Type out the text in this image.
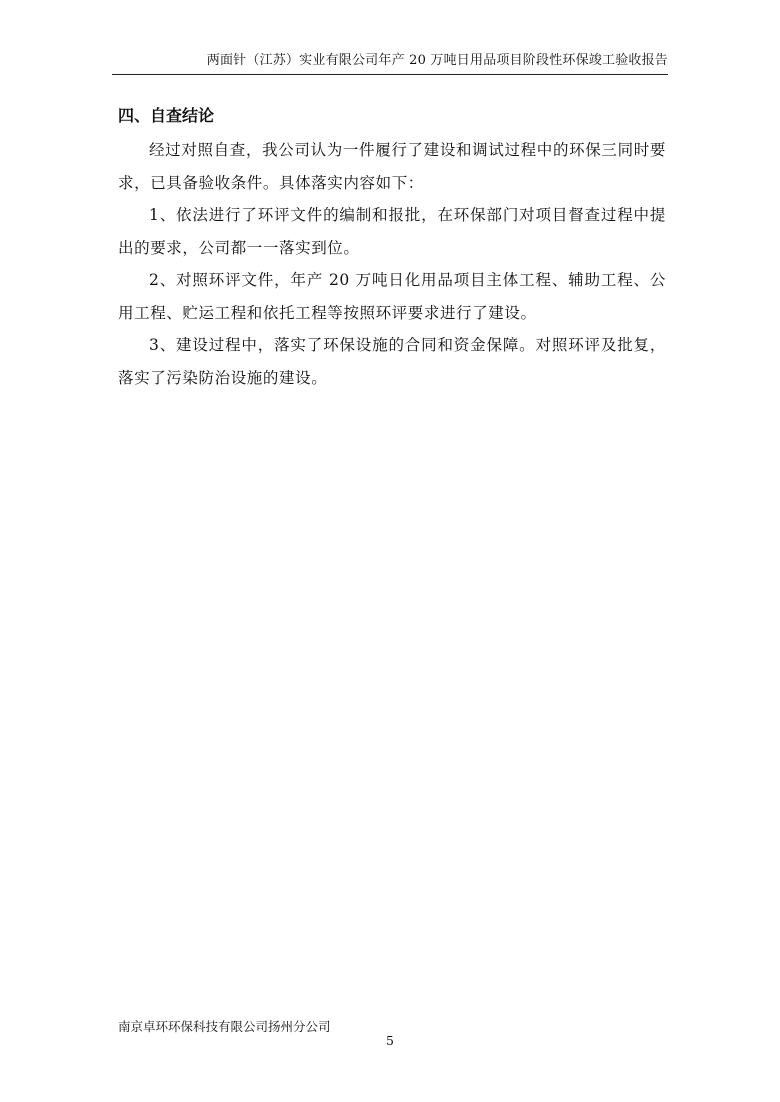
两面针（江苏）实业有限公司年产 20 万吨日用品项目阶段性环保竣工验收报告
四、自查结论

经过对照自查，我公司认为一件履行了建设和调试过程中的环保三同时要求，已具备验收条件。具体落实内容如下：

1、依法进行了环评文件的编制和报批，在环保部门对项目督查过程中提出的要求，公司都一一落实到位。

2、对照环评文件，年产 20 万吨日化用品项目主体工程、辅助工程、公用工程、贮运工程和依托工程等按照环评要求进行了建设。

3、建设过程中，落实了环保设施的合同和资金保障。对照环评及批复，落实了污染防治设施的建设。

南京卓环环保科技有限公司扬州分公司
5
